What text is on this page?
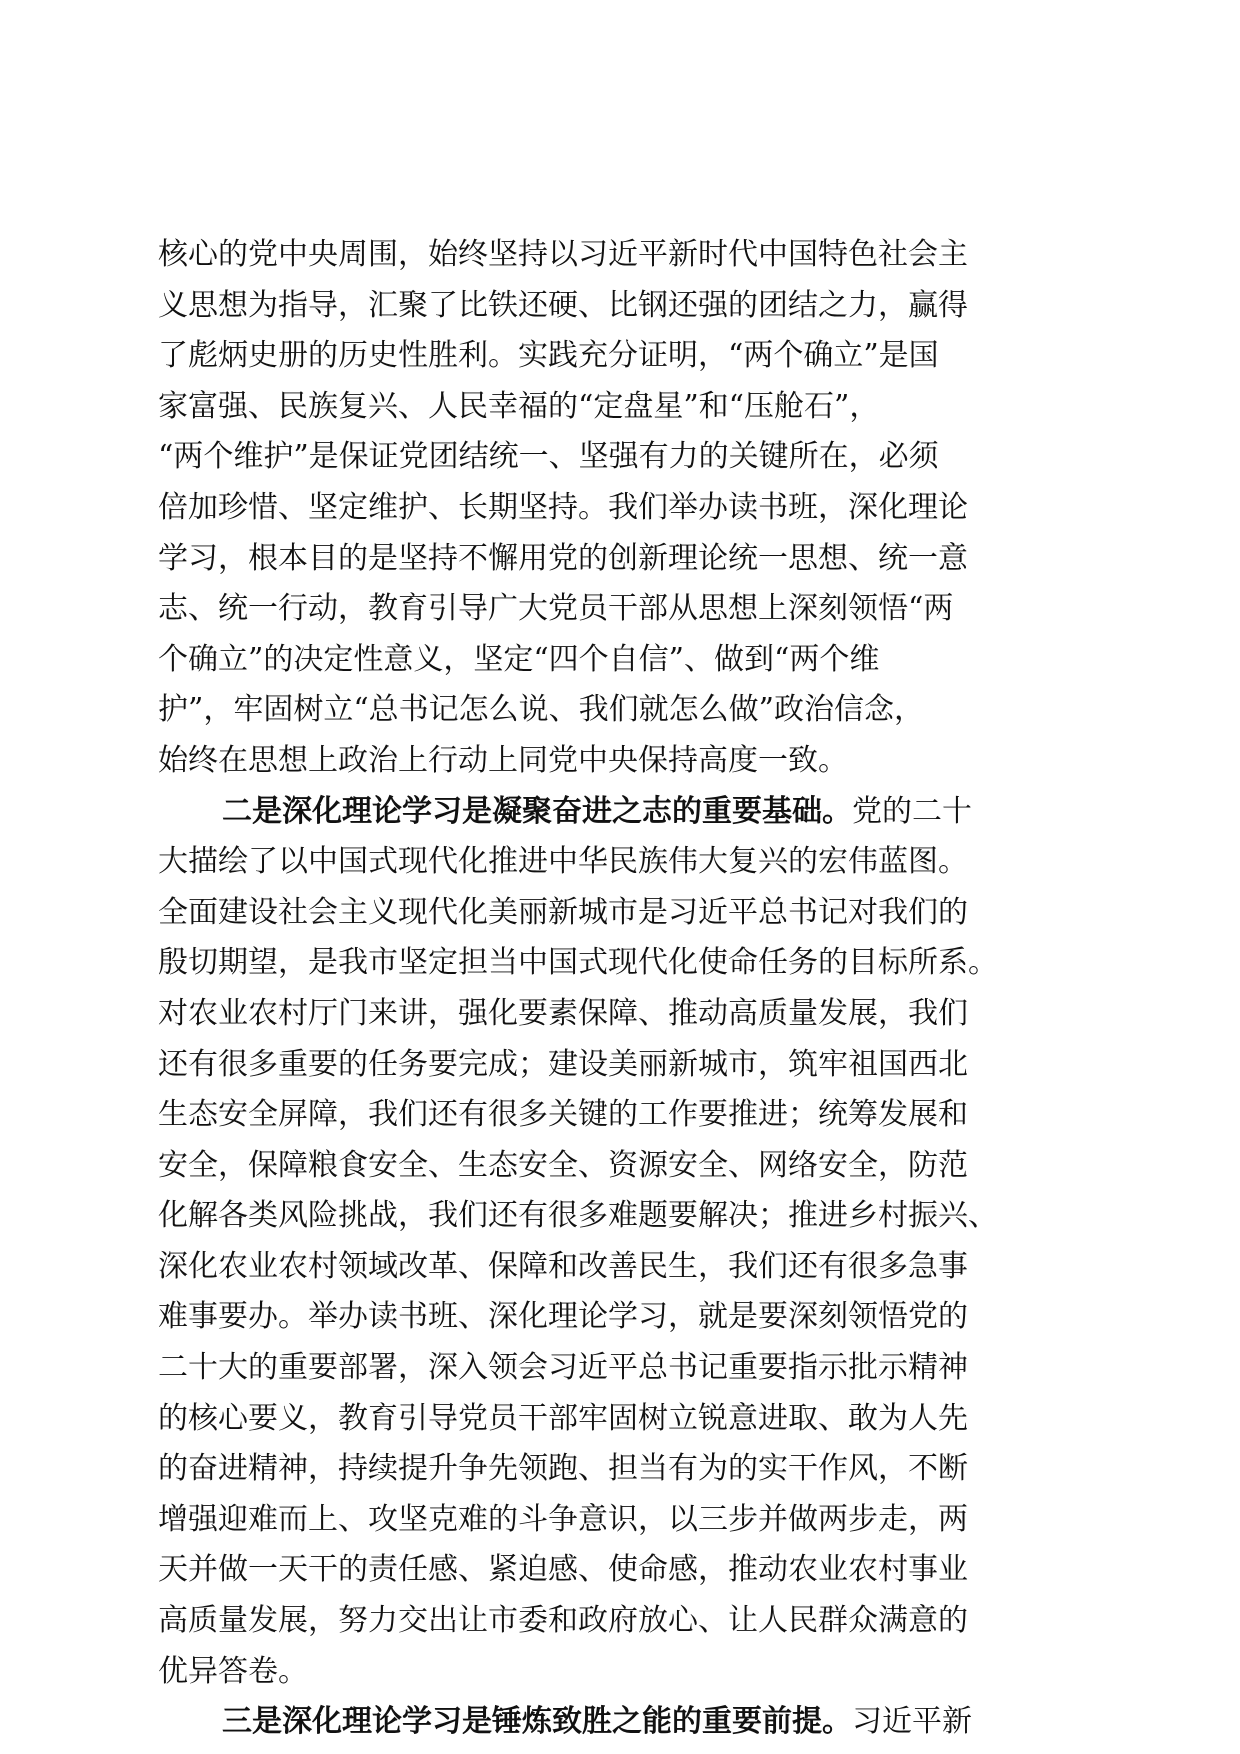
核心的党中央周围，始终坚持以习近平新时代中国特色社会主
义思想为指导，汇聚了比铁还硬、比钢还强的团结之力，赢得
了彪炳史册的历史性胜利。实践充分证明，“两个确立”是国
家富强、民族复兴、人民幸福的“定盘星”和“压舱石”，
“两个维护”是保证党团结统一、坚强有力的关键所在，必须
倍加珍惜、坚定维护、长期坚持。我们举办读书班，深化理论
学习，根本目的是坚持不懈用党的创新理论统一思想、统一意
志、统一行动，教育引导广大党员干部从思想上深刻领悟“两
个确立”的决定性意义，坚定“四个自信”、做到“两个维
护”，牢固树立“总书记怎么说、我们就怎么做”政治信念，
始终在思想上政治上行动上同党中央保持高度一致。
二是深化理论学习是凝聚奋进之志的重要基础。党的二十
大描绘了以中国式现代化推进中华民族伟大复兴的宏伟蓝图。
全面建设社会主义现代化美丽新城市是习近平总书记对我们的
殷切期望，是我市坚定担当中国式现代化使命任务的目标所系。
对农业农村厅门来讲，强化要素保障、推动高质量发展，我们
还有很多重要的任务要完成；建设美丽新城市，筑牢祖国西北
生态安全屏障，我们还有很多关键的工作要推进；统筹发展和
安全，保障粮食安全、生态安全、资源安全、网络安全，防范
化解各类风险挑战，我们还有很多难题要解决；推进乡村振兴、
深化农业农村领域改革、保障和改善民生，我们还有很多急事
难事要办。举办读书班、深化理论学习，就是要深刻领悟党的
二十大的重要部署，深入领会习近平总书记重要指示批示精神
的核心要义，教育引导党员干部牢固树立锐意进取、敢为人先
的奋进精神，持续提升争先领跑、担当有为的实干作风，不断
增强迎难而上、攻坚克难的斗争意识，以三步并做两步走，两
天并做一天干的责任感、紧迫感、使命感，推动农业农村事业
高质量发展，努力交出让市委和政府放心、让人民群众满意的
优异答卷。
三是深化理论学习是锤炼致胜之能的重要前提。习近平新
